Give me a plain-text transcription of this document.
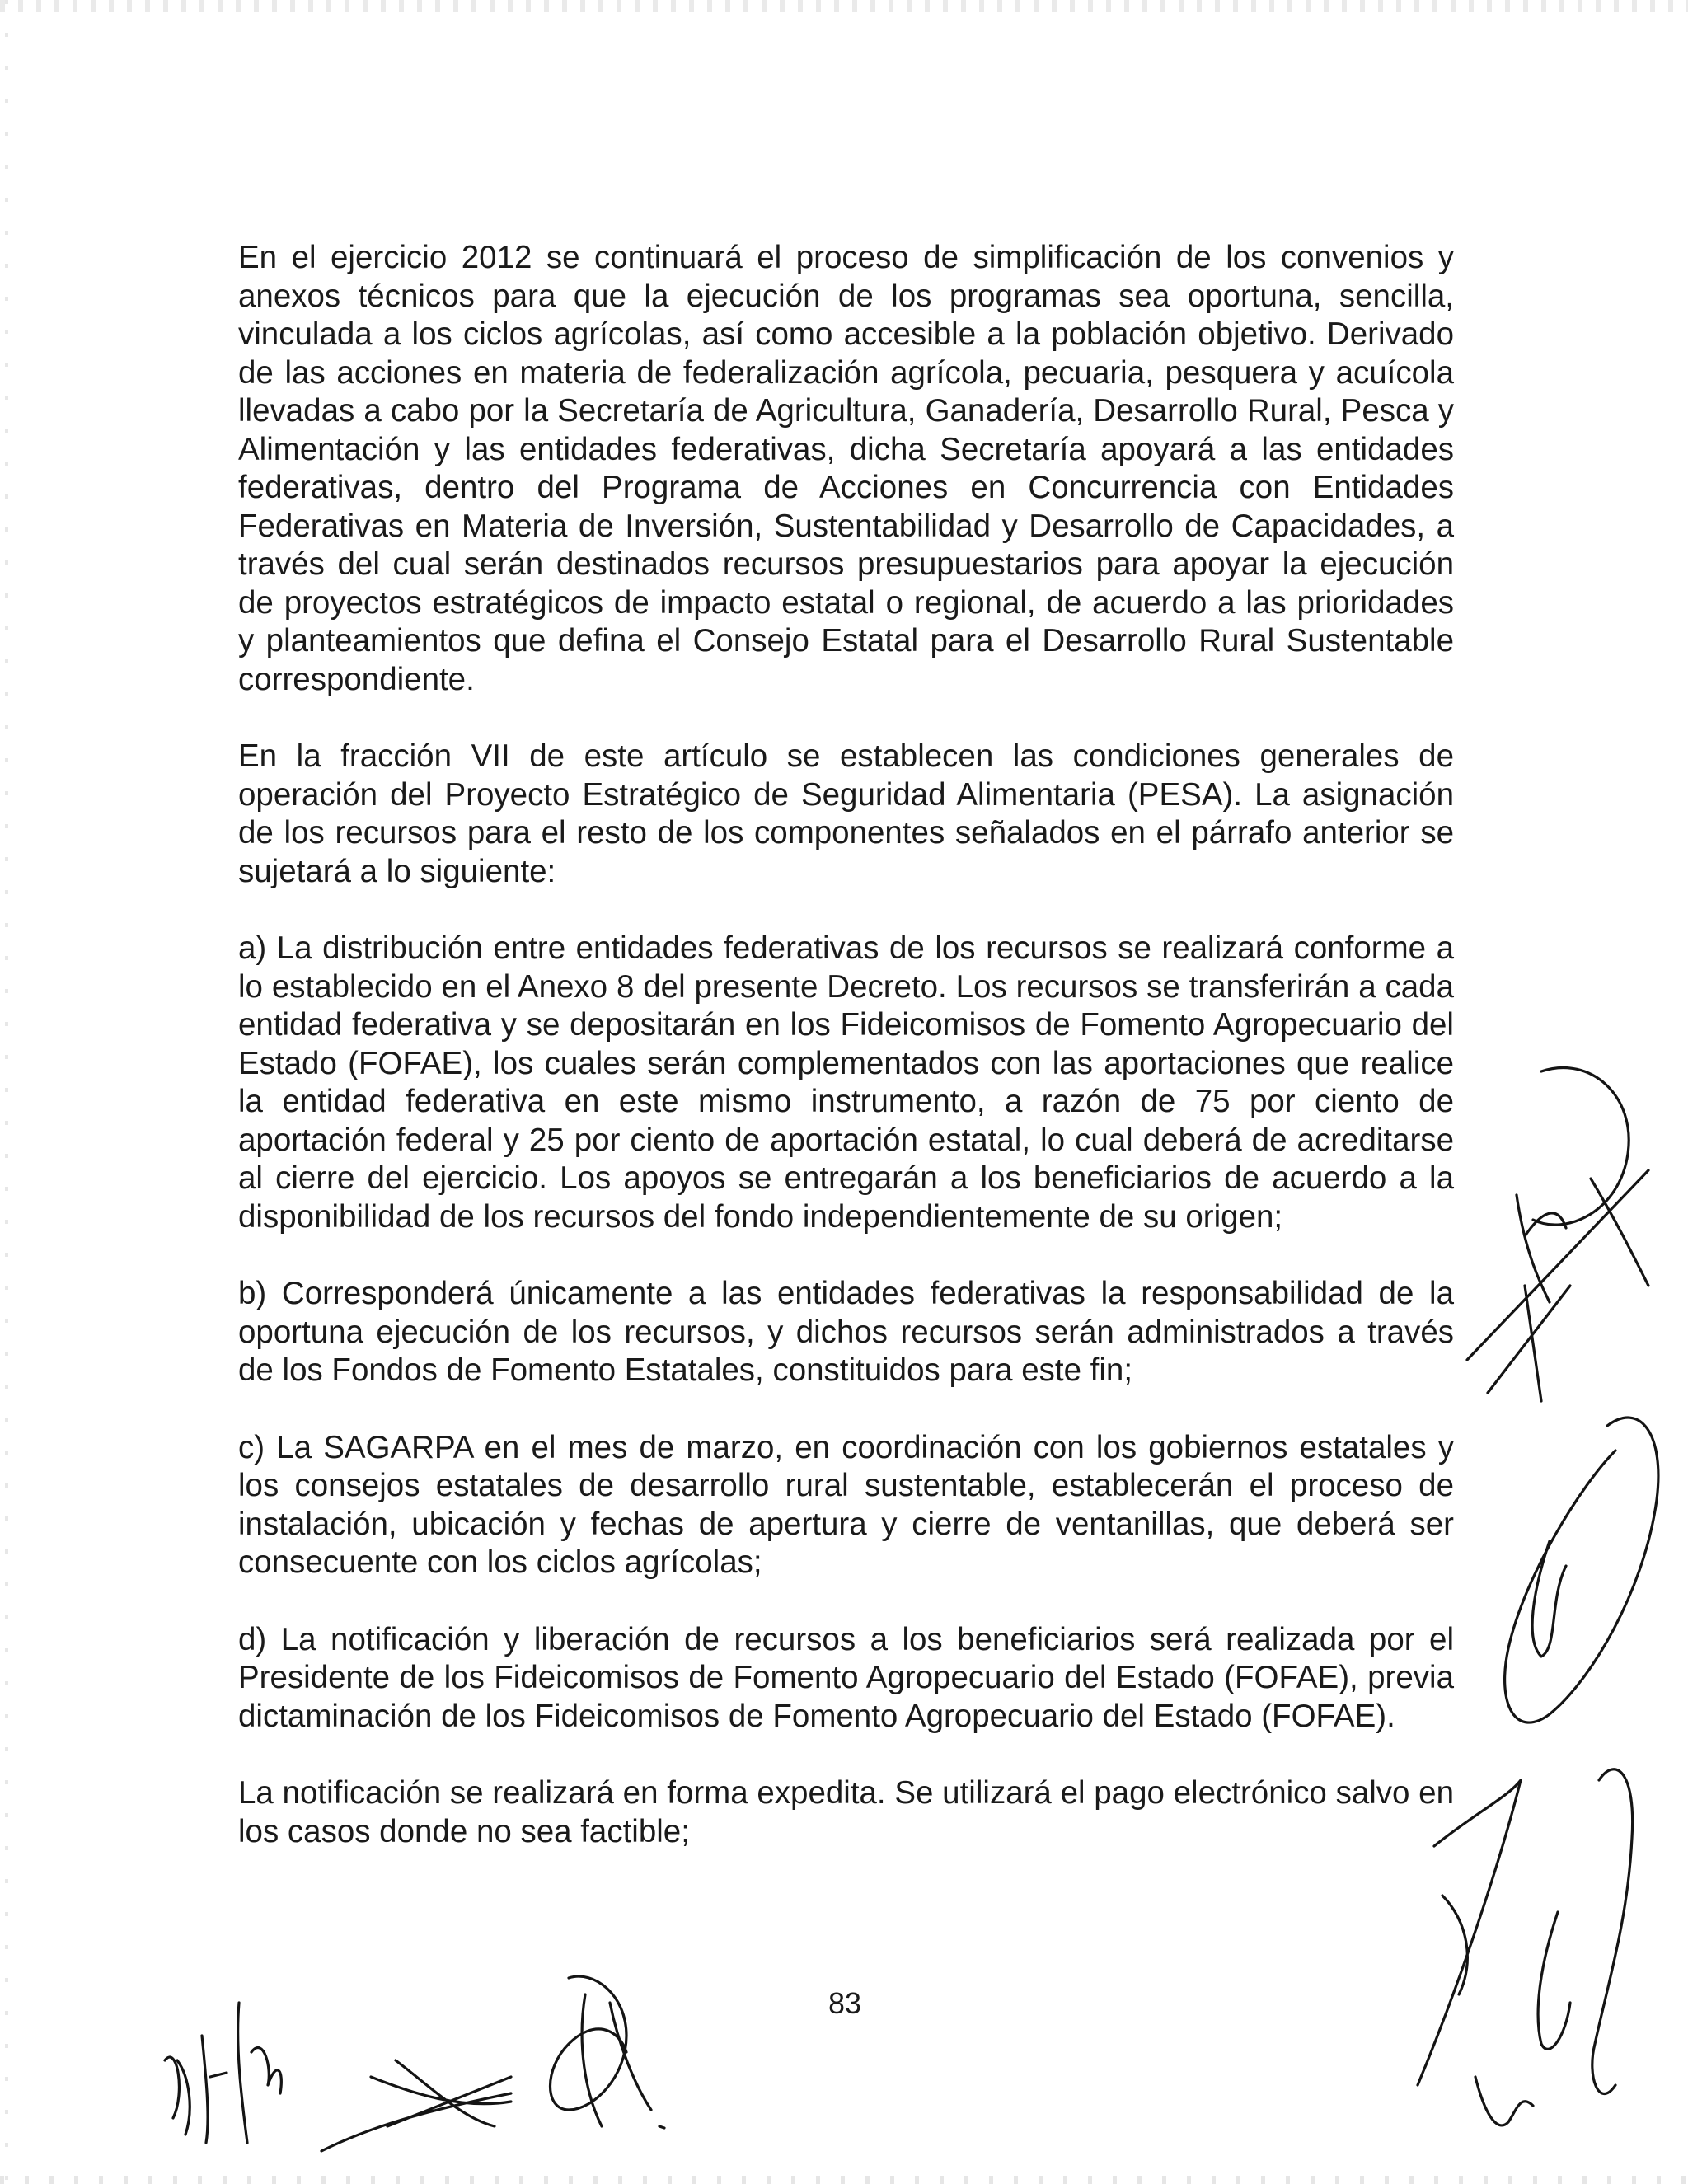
En el ejercicio 2012 se continuará el proceso de simplificación de los convenios y anexos técnicos para que la ejecución de los programas sea oportuna, sencilla, vinculada a los ciclos agrícolas, así como accesible a la población objetivo. Derivado de las acciones en materia de federalización agrícola, pecuaria, pesquera y acuícola llevadas a cabo por la Secretaría de Agricultura, Ganadería, Desarrollo Rural, Pesca y Alimentación y las entidades federativas, dicha Secretaría apoyará a las entidades federativas, dentro del Programa de Acciones en Concurrencia con Entidades Federativas en Materia de Inversión, Sustentabilidad y Desarrollo de Capacidades, a través del cual serán destinados recursos presupuestarios para apoyar la ejecución de proyectos estratégicos de impacto estatal o regional, de acuerdo a las prioridades y planteamientos que defina el Consejo Estatal para el Desarrollo Rural Sustentable correspondiente.

En la fracción VII de este artículo se establecen las condiciones generales de operación del Proyecto Estratégico de Seguridad Alimentaria (PESA). La asignación de los recursos para el resto de los componentes señalados en el párrafo anterior se sujetará a lo siguiente:

a) La distribución entre entidades federativas de los recursos se realizará conforme a lo establecido en el Anexo 8 del presente Decreto. Los recursos se transferirán a cada entidad federativa y se depositarán en los Fideicomisos de Fomento Agropecuario del Estado (FOFAE), los cuales serán complementados con las aportaciones que realice la entidad federativa en este mismo instrumento, a razón de 75 por ciento de aportación federal y 25 por ciento de aportación estatal, lo cual deberá de acreditarse al cierre del ejercicio. Los apoyos se entregarán a los beneficiarios de acuerdo a la disponibilidad de los recursos del fondo independientemente de su origen;

b) Corresponderá únicamente a las entidades federativas la responsabilidad de la oportuna ejecución de los recursos, y dichos recursos serán administrados a través de los Fondos de Fomento Estatales, constituidos para este fin;

c) La SAGARPA en el mes de marzo, en coordinación con los gobiernos estatales y los consejos estatales de desarrollo rural sustentable, establecerán el proceso de instalación, ubicación y fechas de apertura y cierre de ventanillas, que deberá ser consecuente con los ciclos agrícolas;

d) La notificación y liberación de recursos a los beneficiarios será realizada por el Presidente de los Fideicomisos de Fomento Agropecuario del Estado (FOFAE), previa dictaminación de los Fideicomisos de Fomento Agropecuario del Estado (FOFAE).

La notificación se realizará en forma expedita. Se utilizará el pago electrónico salvo en los casos donde no sea factible;

83
